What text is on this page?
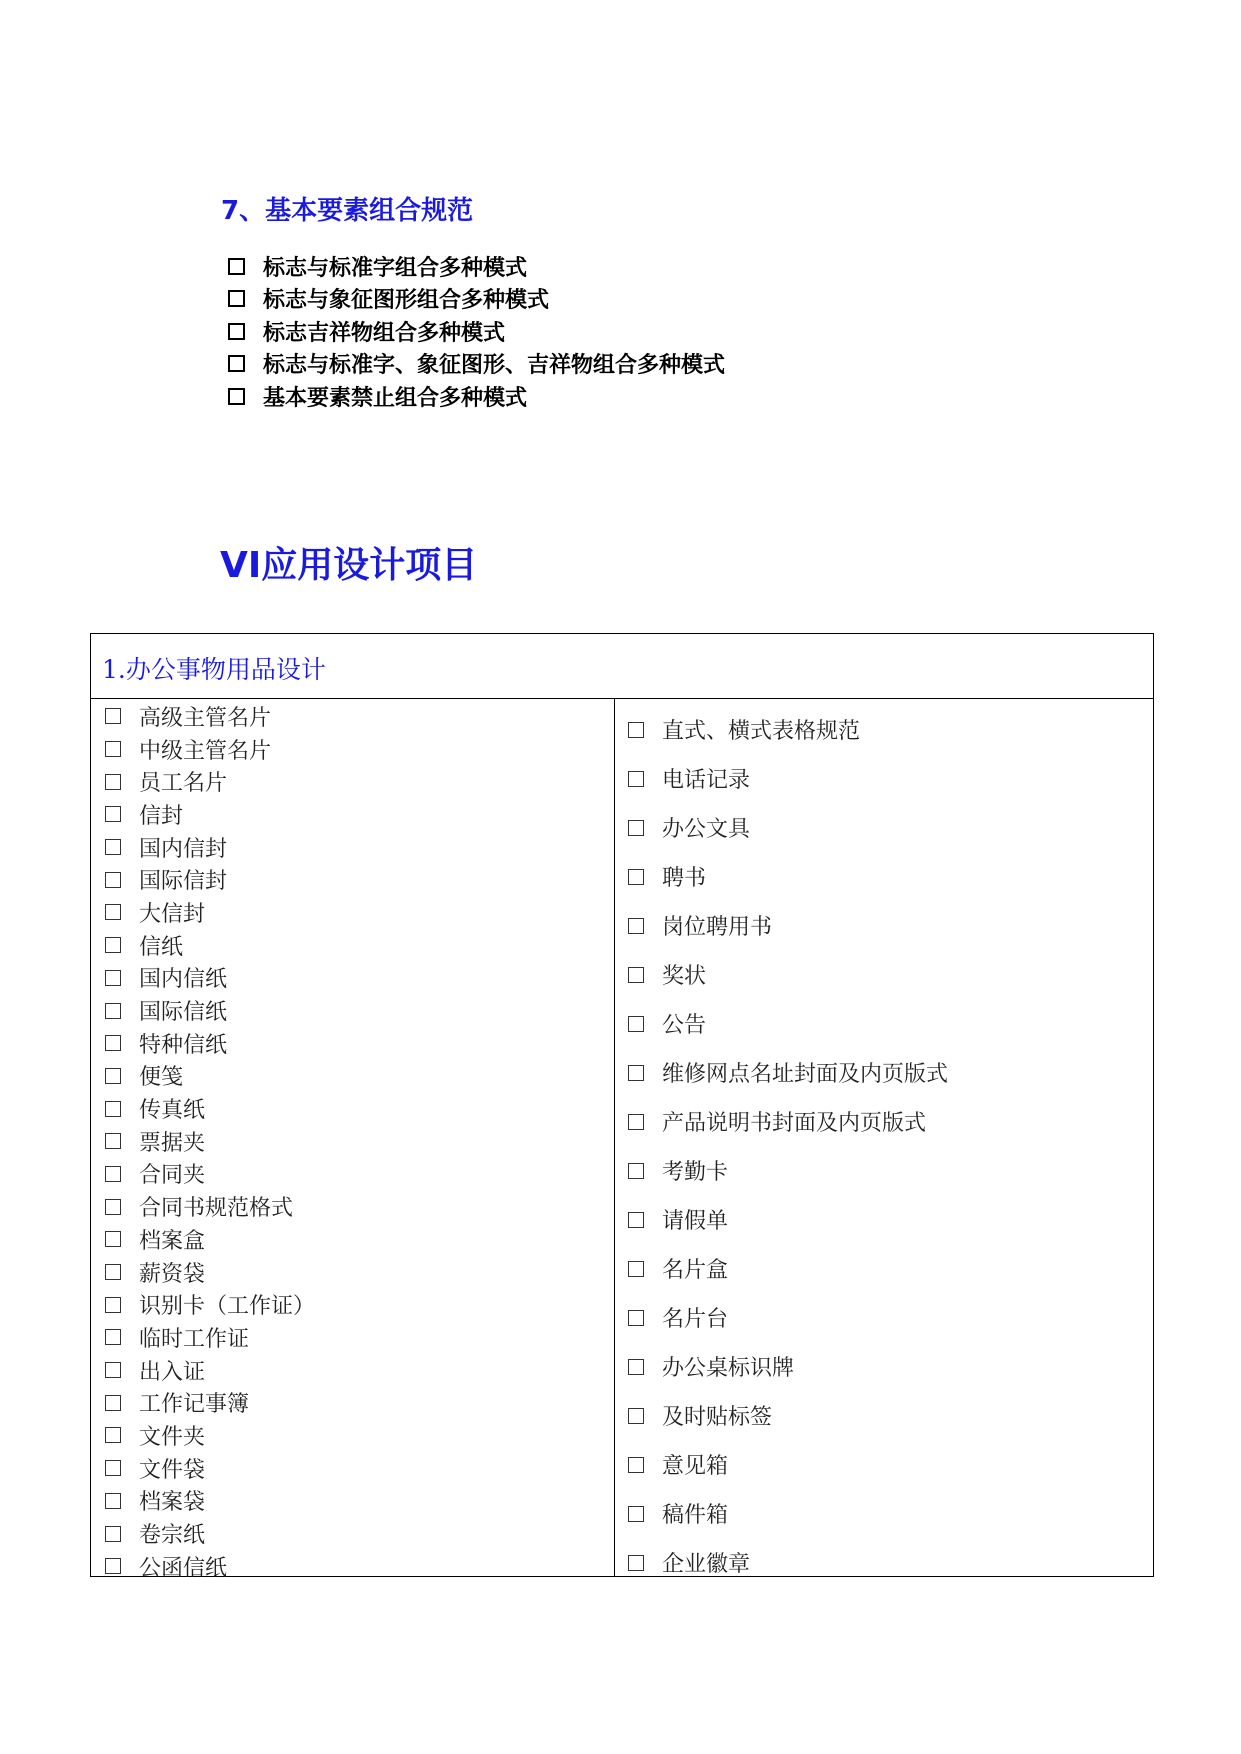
7、基本要素组合规范
标志与标准字组合多种模式
标志与象征图形组合多种模式
标志吉祥物组合多种模式
标志与标准字、象征图形、吉祥物组合多种模式
基本要素禁止组合多种模式
VI应用设计项目
1.办公事物用品设计
高级主管名片
中级主管名片
员工名片
信封
国内信封
国际信封
大信封
信纸
国内信纸
国际信纸
特种信纸
便笺
传真纸
票据夹
合同夹
合同书规范格式
档案盒
薪资袋
识别卡（工作证）
临时工作证
出入证
工作记事簿
文件夹
文件袋
档案袋
卷宗纸
公函信纸
直式、横式表格规范
电话记录
办公文具
聘书
岗位聘用书
奖状
公告
维修网点名址封面及内页版式
产品说明书封面及内页版式
考勤卡
请假单
名片盒
名片台
办公桌标识牌
及时贴标签
意见箱
稿件箱
企业徽章
